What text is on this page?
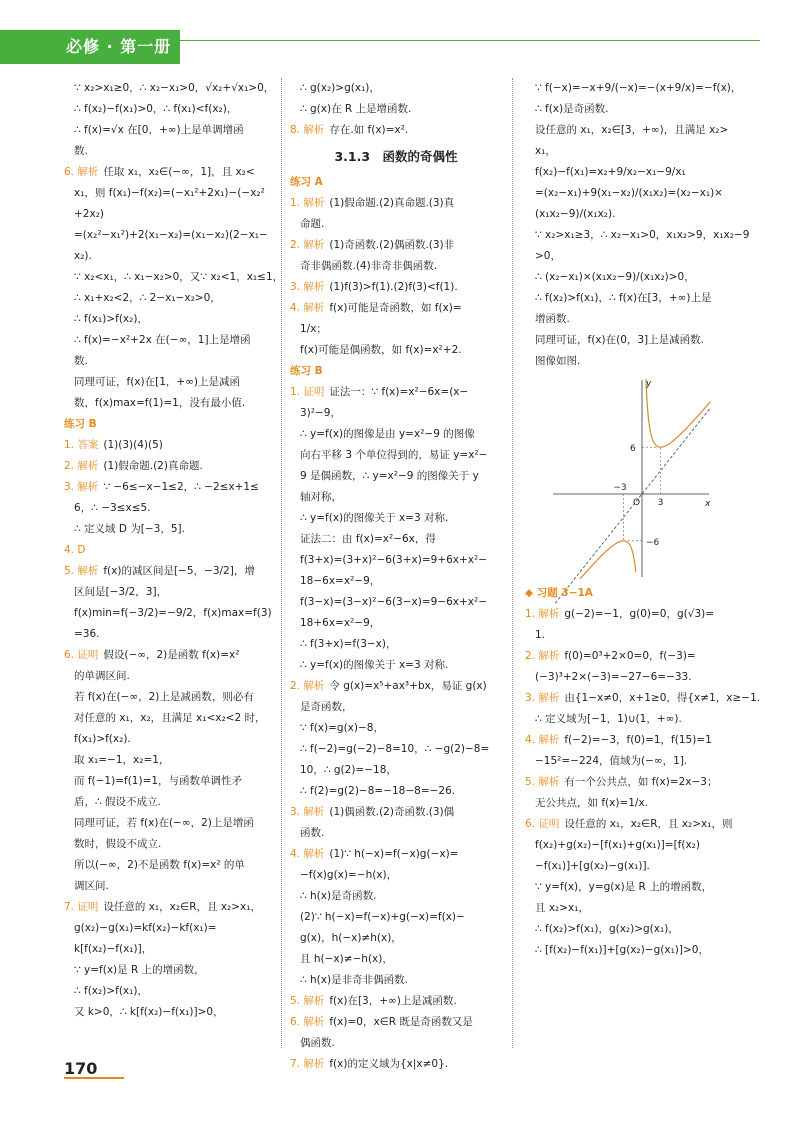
必修 · 第一册
∵ x₂>x₁≥0，∴ x₂−x₁>0，√x₂+√x₁>0，
∴ f(x₂)−f(x₁)>0，∴ f(x₁)<f(x₂)，
∴ f(x)=√x 在[0，+∞)上是单调增函
数.
6. 解析 任取 x₁，x₂∈(−∞，1]，且 x₂<
x₁，则 f(x₁)−f(x₂)=(−x₁²+2x₁)−(−x₂²
+2x₂)
=(x₂²−x₁²)+2(x₁−x₂)=(x₁−x₂)(2−x₁−
x₂).
∵ x₂<x₁，∴ x₁−x₂>0，又∵ x₂<1，x₁≤1，
∴ x₁+x₂<2，∴ 2−x₁−x₂>0，
∴ f(x₁)>f(x₂)，
∴ f(x)=−x²+2x 在(−∞，1]上是增函
数.
同理可证，f(x)在[1，+∞)上是减函
数，f(x)max=f(1)=1，没有最小值.
练习 B
1. 答案 (1)(3)(4)(5)
2. 解析 (1)假命题.(2)真命题.
3. 解析 ∵ −6≤−x−1≤2，∴ −2≤x+1≤
6，∴ −3≤x≤5.
∴ 定义域 D 为[−3，5].
4. D
5. 解析 f(x)的减区间是[−5，−3/2]，增
区间是[−3/2，3]，
f(x)min=f(−3/2)=−9/2，f(x)max=f(3)
=36.
6. 证明 假设(−∞，2)是函数 f(x)=x²
的单调区间.
若 f(x)在(−∞，2)上是减函数，则必有
对任意的 x₁，x₂，且满足 x₁<x₂<2 时，
f(x₁)>f(x₂).
取 x₁=−1，x₂=1，
而 f(−1)=f(1)=1，与函数单调性矛
盾，∴ 假设不成立.
同理可证，若 f(x)在(−∞，2)上是增函
数时，假设不成立.
所以(−∞，2)不是函数 f(x)=x² 的单
调区间.
7. 证明 设任意的 x₁，x₂∈R，且 x₂>x₁，
g(x₂)−g(x₁)=kf(x₂)−kf(x₁)=
k[f(x₂)−f(x₁)]，
∵ y=f(x)是 R 上的增函数，
∴ f(x₂)>f(x₁)，
又 k>0，∴ k[f(x₂)−f(x₁)]>0，
∴ g(x₂)>g(x₁)，
∴ g(x)在 R 上是增函数.
8. 解析 存在.如 f(x)=x².
3.1.3　函数的奇偶性
练习 A
1. 解析 (1)假命题.(2)真命题.(3)真
命题.
2. 解析 (1)奇函数.(2)偶函数.(3)非
奇非偶函数.(4)非奇非偶函数.
3. 解析 (1)f(3)>f(1).(2)f(3)<f(1).
4. 解析 f(x)可能是奇函数，如 f(x)=
1/x；
f(x)可能是偶函数，如 f(x)=x²+2.
练习 B
1. 证明 证法一：∵ f(x)=x²−6x=(x−
3)²−9，
∴ y=f(x)的图像是由 y=x²−9 的图像
向右平移 3 个单位得到的，易证 y=x²−
9 是偶函数，∴ y=x²−9 的图像关于 y
轴对称，
∴ y=f(x)的图像关于 x=3 对称.
证法二：由 f(x)=x²−6x，得
f(3+x)=(3+x)²−6(3+x)=9+6x+x²−
18−6x=x²−9，
f(3−x)=(3−x)²−6(3−x)=9−6x+x²−
18+6x=x²−9，
∴ f(3+x)=f(3−x)，
∴ y=f(x)的图像关于 x=3 对称.
2. 解析 令 g(x)=x⁵+ax³+bx，易证 g(x)
是奇函数，
∵ f(x)=g(x)−8，
∴ f(−2)=g(−2)−8=10，∴ −g(2)−8=
10，∴ g(2)=−18，
∴ f(2)=g(2)−8=−18−8=−26.
3. 解析 (1)偶函数.(2)奇函数.(3)偶
函数.
4. 解析 (1)∵ h(−x)=f(−x)g(−x)=
−f(x)g(x)=−h(x)，
∴ h(x)是奇函数.
(2)∵ h(−x)=f(−x)+g(−x)=f(x)−
g(x)，h(−x)≠h(x)，
且 h(−x)≠−h(x)，
∴ h(x)是非奇非偶函数.
5. 解析 f(x)在[3，+∞)上是减函数.
6. 解析 f(x)=0，x∈R 既是奇函数又是
偶函数.
7. 解析 f(x)的定义域为{x|x≠0}.
∵ f(−x)=−x+9/(−x)=−(x+9/x)=−f(x)，
∴ f(x)是奇函数.
设任意的 x₁，x₂∈[3，+∞)，且满足 x₂>
x₁，
f(x₂)−f(x₁)=x₂+9/x₂−x₁−9/x₁
=(x₂−x₁)+9(x₁−x₂)/(x₁x₂)=(x₂−x₁)×
(x₁x₂−9)/(x₁x₂).
∵ x₂>x₁≥3，∴ x₂−x₁>0，x₁x₂>9，x₁x₂−9
>0，
∴ (x₂−x₁)×(x₁x₂−9)/(x₁x₂)>0，
∴ f(x₂)>f(x₁)，∴ f(x)在[3，+∞)上是
增函数.
同理可证，f(x)在(0，3]上是减函数.
图像如图.
y
x
O 3
−3
6
−6
◆ 习题 3−1A
1. 解析 g(−2)=−1，g(0)=0，g(√3)=
1.
2. 解析 f(0)=0³+2×0=0，f(−3)=
(−3)³+2×(−3)=−27−6=−33.
3. 解析 由{1−x≠0，x+1≥0，得{x≠1，x≥−1.
∴ 定义域为[−1，1)∪(1，+∞).
4. 解析 f(−2)=−3，f(0)=1，f(15)=1
−15²=−224，值域为(−∞，1].
5. 解析 有一个公共点，如 f(x)=2x−3；
无公共点，如 f(x)=1/x.
6. 证明 设任意的 x₁，x₂∈R，且 x₂>x₁，则
f(x₂)+g(x₂)−[f(x₁)+g(x₁)]=[f(x₂)
−f(x₁)]+[g(x₂)−g(x₁)].
∵ y=f(x)，y=g(x)是 R 上的增函数，
且 x₂>x₁，
∴ f(x₂)>f(x₁)，g(x₂)>g(x₁)，
∴ [f(x₂)−f(x₁)]+[g(x₂)−g(x₁)]>0，
170
